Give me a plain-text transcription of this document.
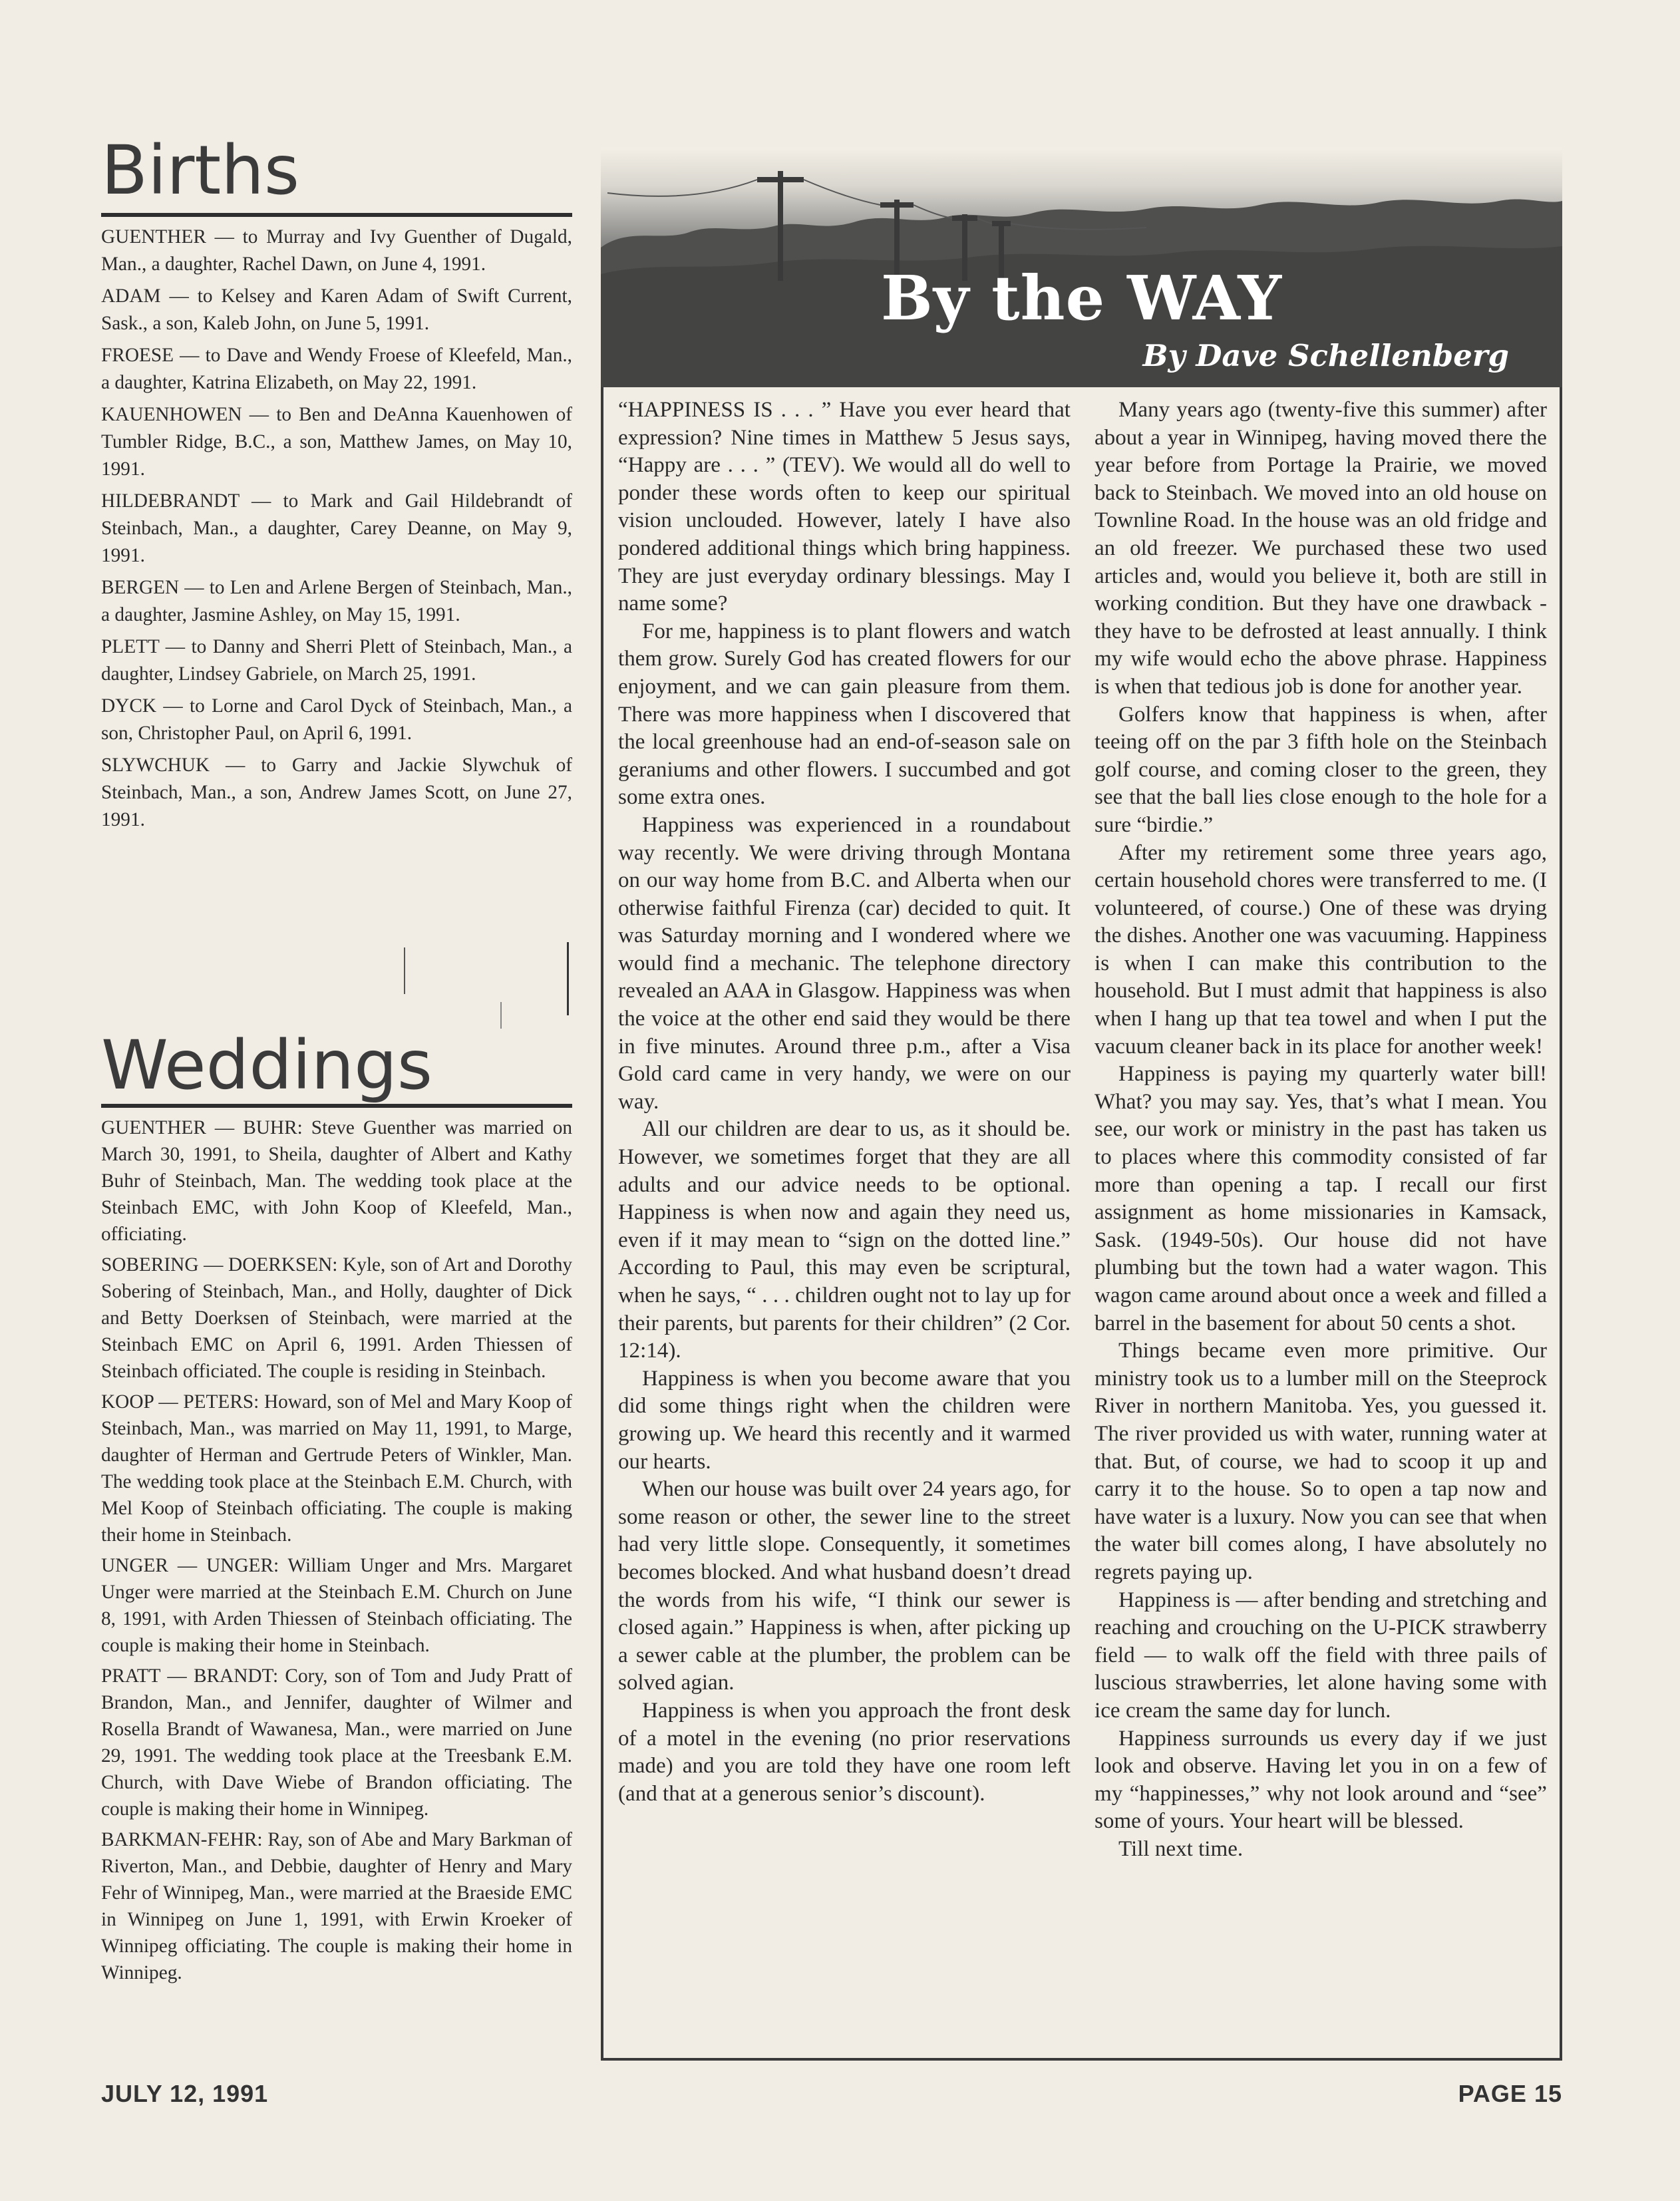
Births

GUENTHER — to Murray and Ivy Guenther of Dugald, Man., a daughter, Rachel Dawn, on June 4, 1991.

ADAM — to Kelsey and Karen Adam of Swift Current, Sask., a son, Kaleb John, on June 5, 1991.

FROESE — to Dave and Wendy Froese of Kleefeld, Man., a daughter, Katrina Elizabeth, on May 22, 1991.

KAUENHOWEN — to Ben and DeAnna Kauenhowen of Tumbler Ridge, B.C., a son, Matthew James, on May 10, 1991.

HILDEBRANDT — to Mark and Gail Hildebrandt of Steinbach, Man., a daughter, Carey Deanne, on May 9, 1991.

BERGEN — to Len and Arlene Bergen of Steinbach, Man., a daughter, Jasmine Ashley, on May 15, 1991.

PLETT — to Danny and Sherri Plett of Steinbach, Man., a daughter, Lindsey Gabriele, on March 25, 1991.

DYCK — to Lorne and Carol Dyck of Steinbach, Man., a son, Christopher Paul, on April 6, 1991.

SLYWCHUK — to Garry and Jackie Slywchuk of Steinbach, Man., a son, Andrew James Scott, on June 27, 1991.

Weddings

GUENTHER — BUHR: Steve Guenther was married on March 30, 1991, to Sheila, daughter of Albert and Kathy Buhr of Steinbach, Man. The wedding took place at the Steinbach EMC, with John Koop of Kleefeld, Man., officiating.

SOBERING — DOERKSEN: Kyle, son of Art and Dorothy Sobering of Steinbach, Man., and Holly, daughter of Dick and Betty Doerksen of Steinbach, were married at the Steinbach EMC on April 6, 1991. Arden Thiessen of Steinbach officiated. The couple is residing in Steinbach.

KOOP — PETERS: Howard, son of Mel and Mary Koop of Steinbach, Man., was married on May 11, 1991, to Marge, daughter of Herman and Gertrude Peters of Winkler, Man. The wedding took place at the Steinbach E.M. Church, with Mel Koop of Steinbach officiating. The couple is making their home in Steinbach.

UNGER — UNGER: William Unger and Mrs. Margaret Unger were married at the Steinbach E.M. Church on June 8, 1991, with Arden Thiessen of Steinbach officiating. The couple is making their home in Steinbach.

PRATT — BRANDT: Cory, son of Tom and Judy Pratt of Brandon, Man., and Jennifer, daughter of Wilmer and Rosella Brandt of Wawanesa, Man., were married on June 29, 1991. The wedding took place at the Treesbank E.M. Church, with Dave Wiebe of Brandon officiating. The couple is making their home in Winnipeg.

BARKMAN-FEHR: Ray, son of Abe and Mary Barkman of Riverton, Man., and Debbie, daughter of Henry and Mary Fehr of Winnipeg, Man., were married at the Braeside EMC in Winnipeg on June 1, 1991, with Erwin Kroeker of Winnipeg officiating. The couple is making their home in Winnipeg.

By the WAY

By Dave Schellenberg

“HAPPINESS IS . . . ” Have you ever heard that expression? Nine times in Matthew 5 Jesus says, “Happy are . . . ” (TEV). We would all do well to ponder these words often to keep our spiritual vision unclouded. However, lately I have also pondered additional things which bring happiness. They are just everyday ordinary blessings. May I name some?

For me, happiness is to plant flowers and watch them grow. Surely God has created flowers for our enjoyment, and we can gain pleasure from them. There was more happiness when I discovered that the local greenhouse had an end-of-season sale on geraniums and other flowers. I succumbed and got some extra ones.

Happiness was experienced in a roundabout way recently. We were driving through Montana on our way home from B.C. and Alberta when our otherwise faithful Firenza (car) decided to quit. It was Saturday morning and I wondered where we would find a mechanic. The telephone directory revealed an AAA in Glasgow. Happiness was when the voice at the other end said they would be there in five minutes. Around three p.m., after a Visa Gold card came in very handy, we were on our way.

All our children are dear to us, as it should be. However, we sometimes forget that they are all adults and our advice needs to be optional. Happiness is when now and again they need us, even if it may mean to “sign on the dotted line.” According to Paul, this may even be scriptural, when he says, “ . . . children ought not to lay up for their parents, but parents for their children” (2 Cor. 12:14).

Happiness is when you become aware that you did some things right when the children were growing up. We heard this recently and it warmed our hearts.

When our house was built over 24 years ago, for some reason or other, the sewer line to the street had very little slope. Consequently, it sometimes becomes blocked. And what husband doesn’t dread the words from his wife, “I think our sewer is closed again.” Happiness is when, after picking up a sewer cable at the plumber, the problem can be solved agian.

Happiness is when you approach the front desk of a motel in the evening (no prior reservations made) and you are told they have one room left (and that at a generous senior’s discount).

Many years ago (twenty-five this summer) after about a year in Winnipeg, having moved there the year before from Portage la Prairie, we moved back to Steinbach. We moved into an old house on Townline Road. In the house was an old fridge and an old freezer. We purchased these two used articles and, would you believe it, both are still in working condition. But they have one drawback - they have to be defrosted at least annually. I think my wife would echo the above phrase. Happiness is when that tedious job is done for another year.

Golfers know that happiness is when, after teeing off on the par 3 fifth hole on the Steinbach golf course, and coming closer to the green, they see that the ball lies close enough to the hole for a sure “birdie.”

After my retirement some three years ago, certain household chores were transferred to me. (I volunteered, of course.) One of these was drying the dishes. Another one was vacuuming. Happiness is when I can make this contribution to the household. But I must admit that happiness is also when I hang up that tea towel and when I put the vacuum cleaner back in its place for another week!

Happiness is paying my quarterly water bill! What? you may say. Yes, that’s what I mean. You see, our work or ministry in the past has taken us to places where this commodity consisted of far more than opening a tap. I recall our first assignment as home missionaries in Kamsack, Sask. (1949-50s). Our house did not have plumbing but the town had a water wagon. This wagon came around about once a week and filled a barrel in the basement for about 50 cents a shot.

Things became even more primitive. Our ministry took us to a lumber mill on the Steeprock River in northern Manitoba. Yes, you guessed it. The river provided us with water, running water at that. But, of course, we had to scoop it up and carry it to the house. So to open a tap now and have water is a luxury. Now you can see that when the water bill comes along, I have absolutely no regrets paying up.

Happiness is — after bending and stretching and reaching and crouching on the U-PICK strawberry field — to walk off the field with three pails of luscious strawberries, let alone having some with ice cream the same day for lunch.

Happiness surrounds us every day if we just look and observe. Having let you in on a few of my “happinesses,” why not look around and “see” some of yours. Your heart will be blessed.

Till next time.

JULY 12, 1991	PAGE 15
